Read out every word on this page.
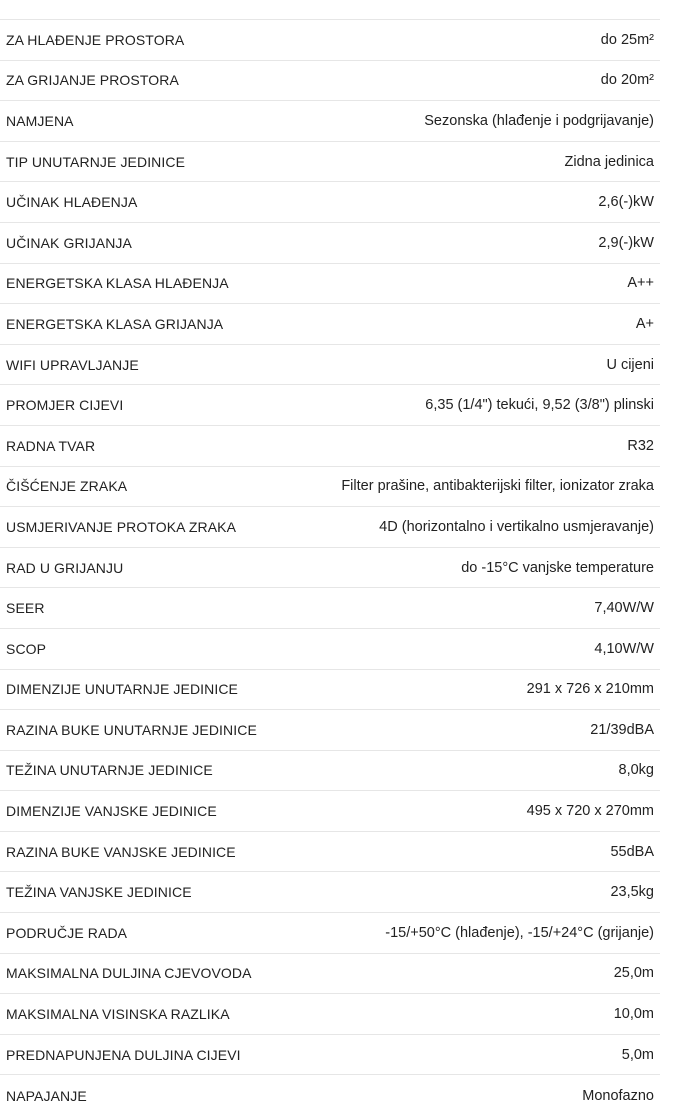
ZA HLAĐENJE PROSTORA	do 25m²
ZA GRIJANJE PROSTORA	do 20m²
NAMJENA	Sezonska (hlađenje i podgrijavanje)
TIP UNUTARNJE JEDINICE	Zidna jedinica
UČINAK HLAĐENJA	2,6(-)kW
UČINAK GRIJANJA	2,9(-)kW
ENERGETSKA KLASA HLAĐENJA	A++
ENERGETSKA KLASA GRIJANJA	A+
WIFI UPRAVLJANJE	U cijeni
PROMJER CIJEVI	6,35 (1/4") tekući, 9,52 (3/8") plinski
RADNA TVAR	R32
ČIŠĆENJE ZRAKA	Filter prašine, antibakterijski filter, ionizator zraka
USMJERIVANJE PROTOKA ZRAKA	4D (horizontalno i vertikalno usmjeravanje)
RAD U GRIJANJU	do -15°C vanjske temperature
SEER	7,40W/W
SCOP	4,10W/W
DIMENZIJE UNUTARNJE JEDINICE	291 x 726 x 210mm
RAZINA BUKE UNUTARNJE JEDINICE	21/39dBA
TEŽINA UNUTARNJE JEDINICE	8,0kg
DIMENZIJE VANJSKE JEDINICE	495 x 720 x 270mm
RAZINA BUKE VANJSKE JEDINICE	55dBA
TEŽINA VANJSKE JEDINICE	23,5kg
PODRUČJE RADA	-15/+50°C (hlađenje), -15/+24°C (grijanje)
MAKSIMALNA DULJINA CJEVOVODA	25,0m
MAKSIMALNA VISINSKA RAZLIKA	10,0m
PREDNAPUNJENA DULJINA CIJEVI	5,0m
NAPAJANJE	Monofazno
